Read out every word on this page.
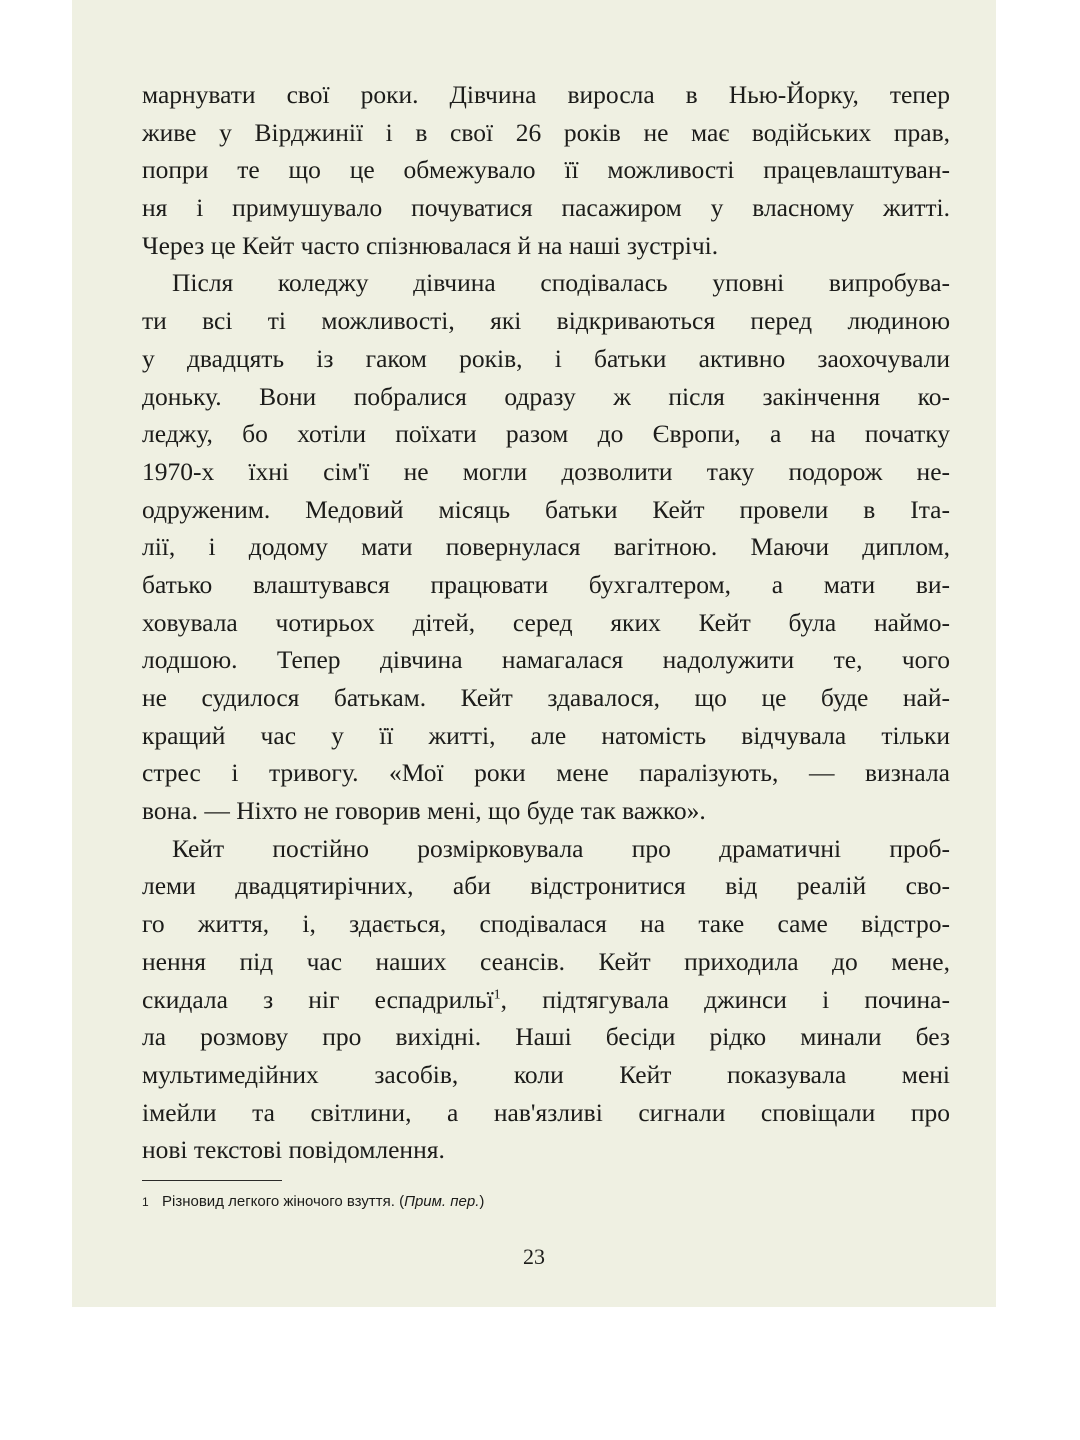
марнувати свої роки. Дівчина виросла в Нью-Йорку, тепер
живе у Вірджинії і в свої 26 років не має водійських прав,
попри те що це обмежувало її можливості працевлаштуван-
ня і примушувало почуватися пасажиром у власному житті.
Через це Кейт часто спізнювалася й на наші зустрічі.
Після коледжу дівчина сподівалась уповні випробува-
ти всі ті можливості, які відкриваються перед людиною
у двадцять із гаком років, і батьки активно заохочували
доньку. Вони побралися одразу ж після закінчення ко-
леджу, бо хотіли поїхати разом до Європи, а на початку
1970-х їхні сім'ї не могли дозволити таку подорож не-
одруженим. Медовий місяць батьки Кейт провели в Іта-
лії, і додому мати повернулася вагітною. Маючи диплом,
батько влаштувався працювати бухгалтером, а мати ви-
ховувала чотирьох дітей, серед яких Кейт була наймо-
лодшою. Тепер дівчина намагалася надолужити те, чого
не судилося батькам. Кейт здавалося, що це буде най-
кращий час у її житті, але натомість відчувала тільки
стрес і тривогу. «Мої роки мене паралізують, — визнала
вона. — Ніхто не говорив мені, що буде так важко».
Кейт постійно розмірковувала про драматичні проб-
леми двадцятирічних, аби відстронитися від реалій сво-
го життя, і, здається, сподівалася на таке саме відстро-
нення під час наших сеансів. Кейт приходила до мене,
скидала з ніг еспадрильї$^1$, підтягувала джинси і почина-
ла розмову про вихідні. Наші бесіди рідко минали без
мультимедійних засобів, коли Кейт показувала мені
імейли та світлини, а нав'язливі сигнали сповіщали про
нові текстові повідомлення.
1 Різновид легкого жіночого взуття. (Прим. пер.)
23
